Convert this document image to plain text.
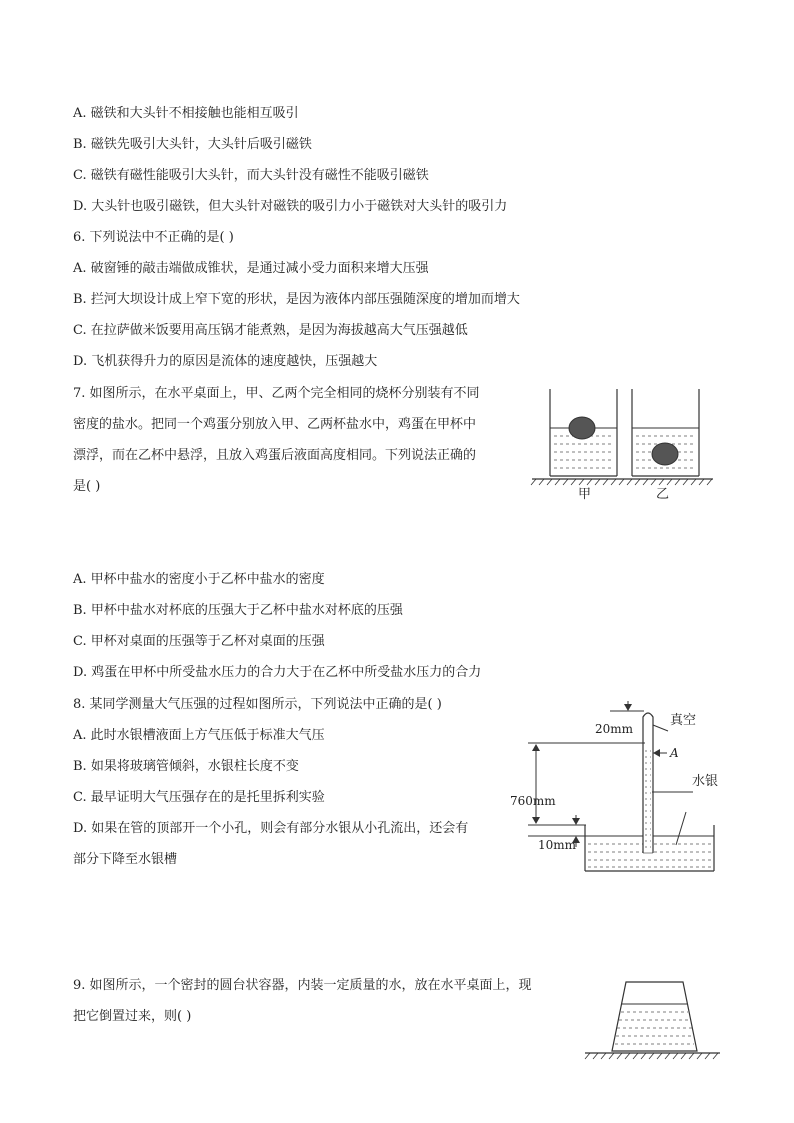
A. 磁铁和大头针不相接触也能相互吸引
B. 磁铁先吸引大头针，大头针后吸引磁铁
C. 磁铁有磁性能吸引大头针，而大头针没有磁性不能吸引磁铁
D. 大头针也吸引磁铁，但大头针对磁铁的吸引力小于磁铁对大头针的吸引力
6. 下列说法中不正确的是( )
A. 破窗锤的敲击端做成锥状，是通过减小受力面积来增大压强
B. 拦河大坝设计成上窄下宽的形状，是因为液体内部压强随深度的增加而增大
C. 在拉萨做米饭要用高压锅才能煮熟，是因为海拔越高大气压强越低
D. 飞机获得升力的原因是流体的速度越快，压强越大
7. 如图所示，在水平桌面上，甲、乙两个完全相同的烧杯分别装有不同
密度的盐水。把同一个鸡蛋分别放入甲、乙两杯盐水中，鸡蛋在甲杯中
漂浮，而在乙杯中悬浮，且放入鸡蛋后液面高度相同。下列说法正确的
是( )
甲	乙
A. 甲杯中盐水的密度小于乙杯中盐水的密度
B. 甲杯中盐水对杯底的压强大于乙杯中盐水对杯底的压强
C. 甲杯对桌面的压强等于乙杯对桌面的压强
D. 鸡蛋在甲杯中所受盐水压力的合力大于在乙杯中所受盐水压力的合力
8. 某同学测量大气压强的过程如图所示，下列说法中正确的是( )
A. 此时水银槽液面上方气压低于标准大气压
B. 如果将玻璃管倾斜，水银柱长度不变
C. 最早证明大气压强存在的是托里拆利实验
D. 如果在管的顶部开一个小孔，则会有部分水银从小孔流出，还会有
部分下降至水银槽
20mm
真空
A
760mm
水银
10mm
9. 如图所示，一个密封的圆台状容器，内装一定质量的水，放在水平桌面上，现
把它倒置过来，则( )
